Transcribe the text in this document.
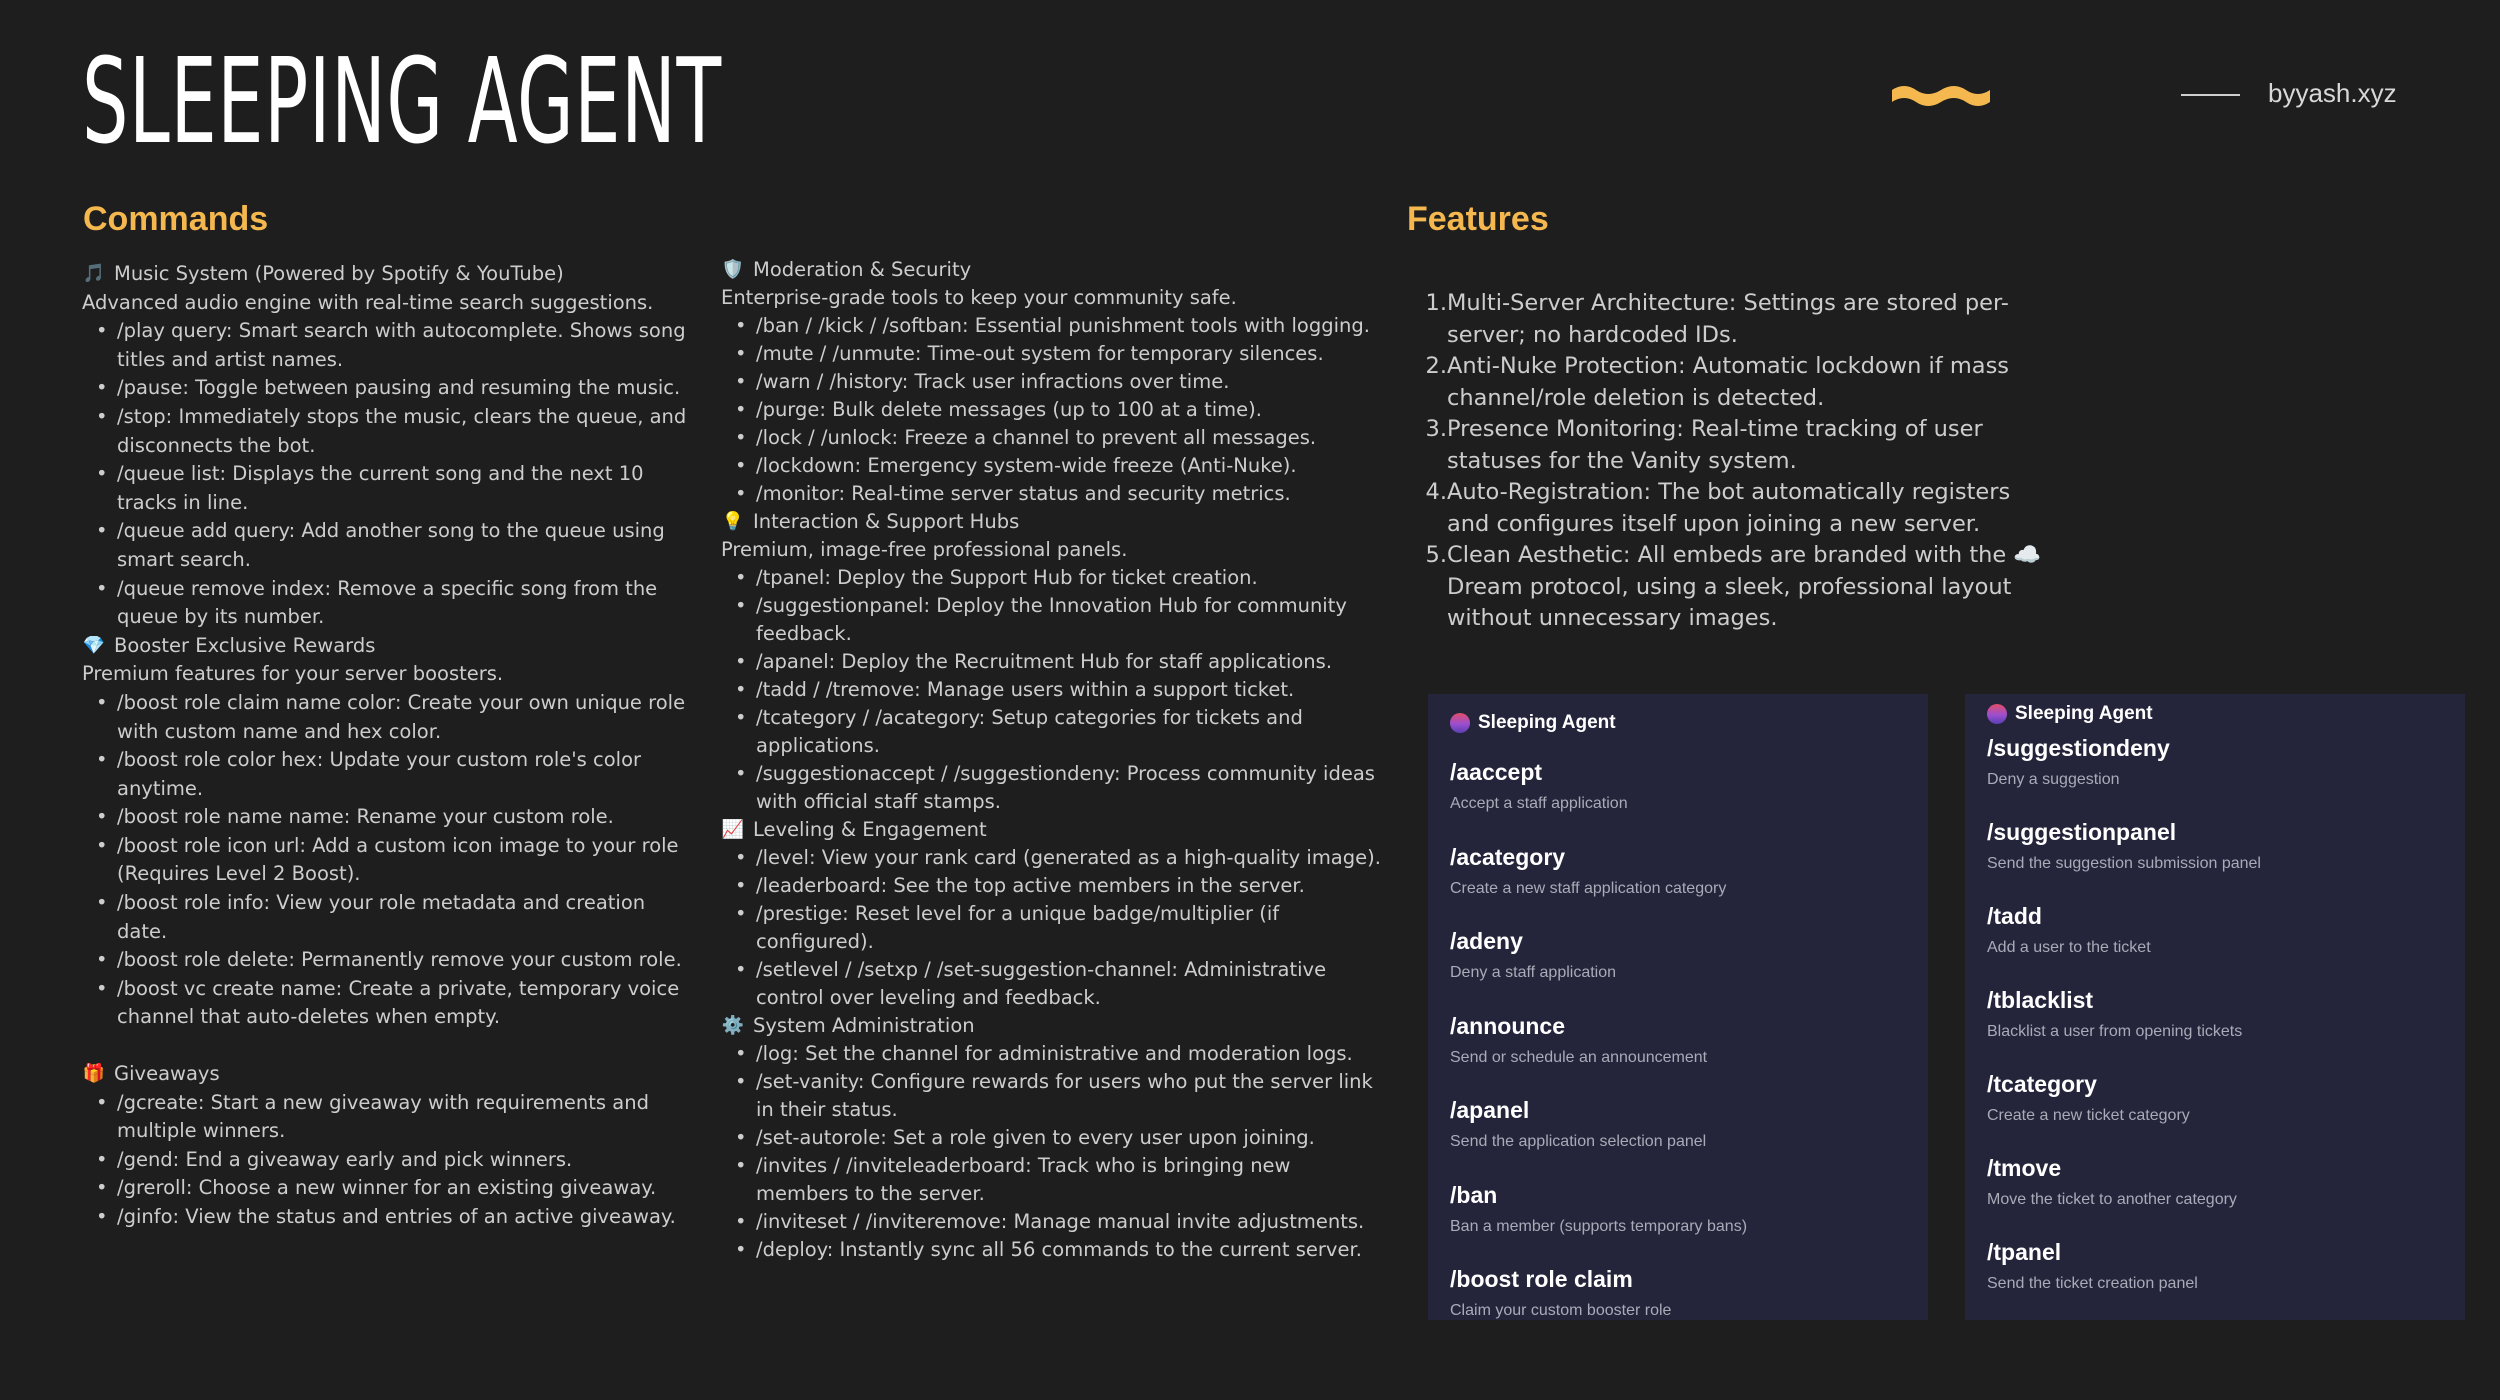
SLEEPING AGENT	byyash.xyz
Commands	Features
🎵 Music System (Powered by Spotify & YouTube)
Advanced audio engine with real-time search suggestions.
• /play query: Smart search with autocomplete. Shows song titles and artist names.
• /pause: Toggle between pausing and resuming the music.
• /stop: Immediately stops the music, clears the queue, and disconnects the bot.
• /queue list: Displays the current song and the next 10 tracks in line.
• /queue add query: Add another song to the queue using smart search.
• /queue remove index: Remove a specific song from the queue by its number.
💎 Booster Exclusive Rewards
Premium features for your server boosters.
• /boost role claim name color: Create your own unique role with custom name and hex color.
• /boost role color hex: Update your custom role's color anytime.
• /boost role name name: Rename your custom role.
• /boost role icon url: Add a custom icon image to your role (Requires Level 2 Boost).
• /boost role info: View your role metadata and creation date.
• /boost role delete: Permanently remove your custom role.
• /boost vc create name: Create a private, temporary voice channel that auto-deletes when empty.
🎁 Giveaways
• /gcreate: Start a new giveaway with requirements and multiple winners.
• /gend: End a giveaway early and pick winners.
• /greroll: Choose a new winner for an existing giveaway.
• /ginfo: View the status and entries of an active giveaway.
🛡️ Moderation & Security
Enterprise-grade tools to keep your community safe.
• /ban / /kick / /softban: Essential punishment tools with logging.
• /mute / /unmute: Time-out system for temporary silences.
• /warn / /history: Track user infractions over time.
• /purge: Bulk delete messages (up to 100 at a time).
• /lock / /unlock: Freeze a channel to prevent all messages.
• /lockdown: Emergency system-wide freeze (Anti-Nuke).
• /monitor: Real-time server status and security metrics.
💡 Interaction & Support Hubs
Premium, image-free professional panels.
• /tpanel: Deploy the Support Hub for ticket creation.
• /suggestionpanel: Deploy the Innovation Hub for community feedback.
• /apanel: Deploy the Recruitment Hub for staff applications.
• /tadd / /tremove: Manage users within a support ticket.
• /tcategory / /acategory: Setup categories for tickets and applications.
• /suggestionaccept / /suggestiondeny: Process community ideas with official staff stamps.
📈 Leveling & Engagement
• /level: View your rank card (generated as a high-quality image).
• /leaderboard: See the top active members in the server.
• /prestige: Reset level for a unique badge/multiplier (if configured).
• /setlevel / /setxp / /set-suggestion-channel: Administrative control over leveling and feedback.
⚙️ System Administration
• /log: Set the channel for administrative and moderation logs.
• /set-vanity: Configure rewards for users who put the server link in their status.
• /set-autorole: Set a role given to every user upon joining.
• /invites / /inviteleaderboard: Track who is bringing new members to the server.
• /inviteset / /inviteremove: Manage manual invite adjustments.
• /deploy: Instantly sync all 56 commands to the current server.
1. Multi-Server Architecture: Settings are stored per-server; no hardcoded IDs.
2. Anti-Nuke Protection: Automatic lockdown if mass channel/role deletion is detected.
3. Presence Monitoring: Real-time tracking of user statuses for the Vanity system.
4. Auto-Registration: The bot automatically registers and configures itself upon joining a new server.
5. Clean Aesthetic: All embeds are branded with the ☁️ Dream protocol, using a sleek, professional layout without unnecessary images.
Sleeping Agent
/aaccept
Accept a staff application
/acategory
Create a new staff application category
/adeny
Deny a staff application
/announce
Send or schedule an announcement
/apanel
Send the application selection panel
/ban
Ban a member (supports temporary bans)
/boost role claim
Claim your custom booster role
Sleeping Agent
/suggestiondeny
Deny a suggestion
/suggestionpanel
Send the suggestion submission panel
/tadd
Add a user to the ticket
/tblacklist
Blacklist a user from opening tickets
/tcategory
Create a new ticket category
/tmove
Move the ticket to another category
/tpanel
Send the ticket creation panel
